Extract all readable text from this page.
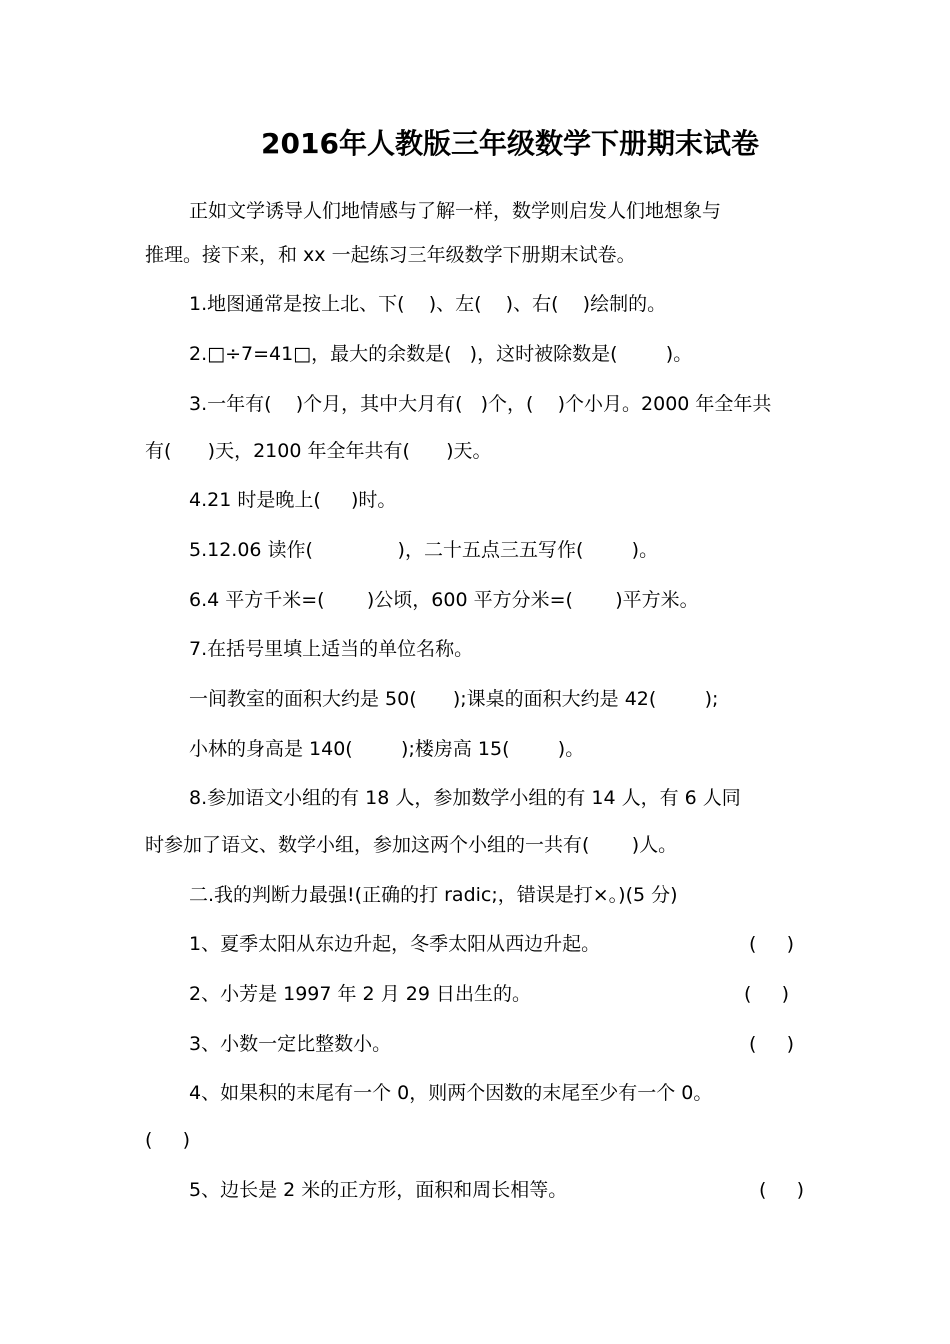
2016年人教版三年级数学下册期末试卷
正如文学诱导人们地情感与了解一样，数学则启发人们地想象与
推理。接下来，和 xx 一起练习三年级数学下册期末试卷。
1.地图通常是按上北、下(    )、左(    )、右(    )绘制的。
2.□÷7=41□，最大的余数是(   )，这时被除数是(        )。
3.一年有(    )个月，其中大月有(   )个，(    )个小月。2000 年全年共
有(      )天，2100 年全年共有(      )天。
4.21 时是晚上(     )时。
5.12.06 读作(              )，二十五点三五写作(        )。
6.4 平方千米=(       )公顷，600 平方分米=(       )平方米。
7.在括号里填上适当的单位名称。
一间教室的面积大约是 50(      );课桌的面积大约是 42(        );
小林的身高是 140(        );楼房高 15(        )。
8.参加语文小组的有 18 人，参加数学小组的有 14 人，有 6 人同
时参加了语文、数学小组，参加这两个小组的一共有(       )人。
二.我的判断力最强!(正确的打 radic;，错误是打×。)(5 分)
1、夏季太阳从东边升起，冬季太阳从西边升起。	(     )
2、小芳是 1997 年 2 月 29 日出生的。	(     )
3、小数一定比整数小。	(     )
4、如果积的末尾有一个 0，则两个因数的末尾至少有一个 0。
(     )
5、边长是 2 米的正方形，面积和周长相等。	(     )
